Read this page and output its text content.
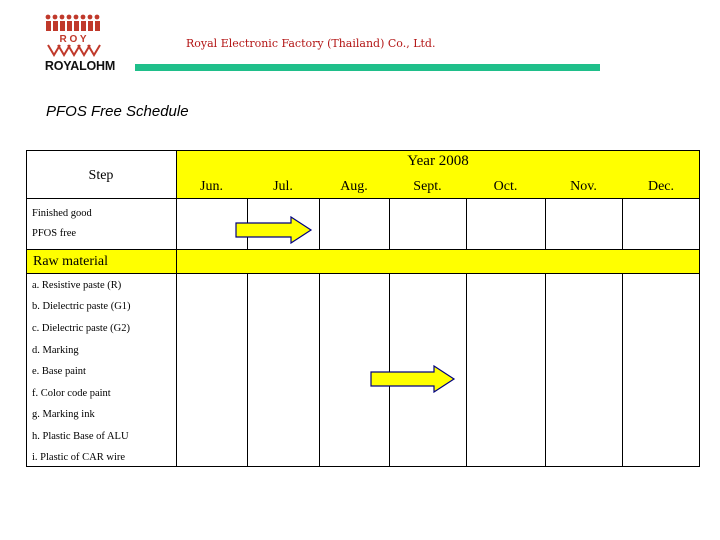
R O Y
ROYALOHM
Royal Electronic Factory (Thailand) Co., Ltd.
PFOS Free Schedule
Step
Year 2008
Jun.	Jul.	Aug.	Sept.	Oct.	Nov.	Dec.
Finished good
PFOS free
Raw material
a. Resistive paste (R)
b. Dielectric paste (G1)
c. Dielectric paste (G2)
d. Marking
e. Base paint
f. Color code paint
g. Marking ink
h. Plastic Base of ALU
i. Plastic of CAR wire
